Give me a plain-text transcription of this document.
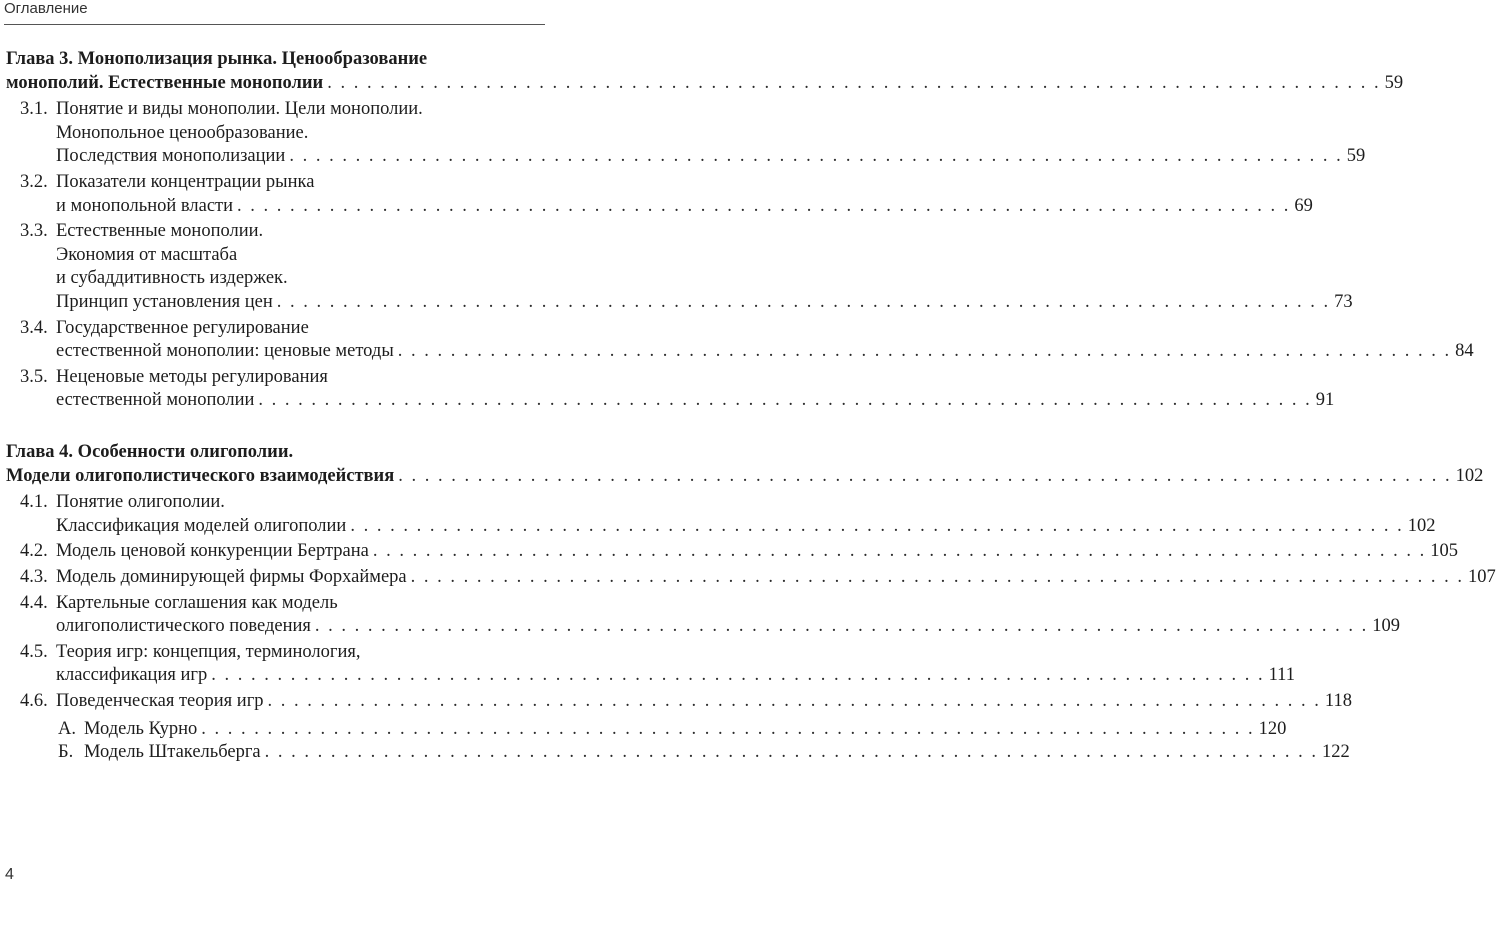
Оглавление
Глава 3. Монополизация рынка. Ценообразование
монополий. Естественные монополии . . . . . . . . . . . . . . . . . . . . . . . . . . . . . . . . . . . . . . . . . . . . . . . . . . . . . . . . . . . . . . . . . . . . . . . . . . . . . . . . 59
3.1. Понятие и виды монополии. Цели монополии.
Монопольное ценообразование.
Последствия монополизации . . . . . . . . . . . . . . . . . . . . . . . . . . . . . . . . . . . . . . . . . . . . . . . . . . . . . . . . . . . . . . . . . . . . . . . . . . . . . . . . 59
3.2. Показатели концентрации рынка
и монопольной власти . . . . . . . . . . . . . . . . . . . . . . . . . . . . . . . . . . . . . . . . . . . . . . . . . . . . . . . . . . . . . . . . . . . . . . . . . . . . . . . . 69
3.3. Естественные монополии.
Экономия от масштаба
и субаддитивность издержек.
Принцип установления цен . . . . . . . . . . . . . . . . . . . . . . . . . . . . . . . . . . . . . . . . . . . . . . . . . . . . . . . . . . . . . . . . . . . . . . . . . . . . . . . . 73
3.4. Государственное регулирование
естественной монополии: ценовые методы . . . . . . . . . . . . . . . . . . . . . . . . . . . . . . . . . . . . . . . . . . . . . . . . . . . . . . . . . . . . . . . . . . . . . . . . . . . . . . . . 84
3.5. Неценовые методы регулирования
естественной монополии . . . . . . . . . . . . . . . . . . . . . . . . . . . . . . . . . . . . . . . . . . . . . . . . . . . . . . . . . . . . . . . . . . . . . . . . . . . . . . . . 91
Глава 4. Особенности олигополии.
Модели олигополистического взаимодействия . . . . . . . . . . . . . . . . . . . . . . . . . . . . . . . . . . . . . . . . . . . . . . . . . . . . . . . . . . . . . . . . . . . . . . . . . . . . . . . . 102
4.1. Понятие олигополии.
Классификация моделей олигополии . . . . . . . . . . . . . . . . . . . . . . . . . . . . . . . . . . . . . . . . . . . . . . . . . . . . . . . . . . . . . . . . . . . . . . . . . . . . . . . . 102
4.2. Модель ценовой конкуренции Бертрана . . . . . . . . . . . . . . . . . . . . . . . . . . . . . . . . . . . . . . . . . . . . . . . . . . . . . . . . . . . . . . . . . . . . . . . . . . . . . . . . 105
4.3. Модель доминирующей фирмы Форхаймера . . . . . . . . . . . . . . . . . . . . . . . . . . . . . . . . . . . . . . . . . . . . . . . . . . . . . . . . . . . . . . . . . . . . . . . . . . . . . . . . 107
4.4. Картельные соглашения как модель
олигополистического поведения . . . . . . . . . . . . . . . . . . . . . . . . . . . . . . . . . . . . . . . . . . . . . . . . . . . . . . . . . . . . . . . . . . . . . . . . . . . . . . . . 109
4.5. Теория игр: концепция, терминология,
классификация игр . . . . . . . . . . . . . . . . . . . . . . . . . . . . . . . . . . . . . . . . . . . . . . . . . . . . . . . . . . . . . . . . . . . . . . . . . . . . . . . . 111
4.6. Поведенческая теория игр . . . . . . . . . . . . . . . . . . . . . . . . . . . . . . . . . . . . . . . . . . . . . . . . . . . . . . . . . . . . . . . . . . . . . . . . . . . . . . . . 118
А. Модель Курно . . . . . . . . . . . . . . . . . . . . . . . . . . . . . . . . . . . . . . . . . . . . . . . . . . . . . . . . . . . . . . . . . . . . . . . . . . . . . . . . 120
Б. Модель Штакельберга . . . . . . . . . . . . . . . . . . . . . . . . . . . . . . . . . . . . . . . . . . . . . . . . . . . . . . . . . . . . . . . . . . . . . . . . . . . . . . . . 122
4
